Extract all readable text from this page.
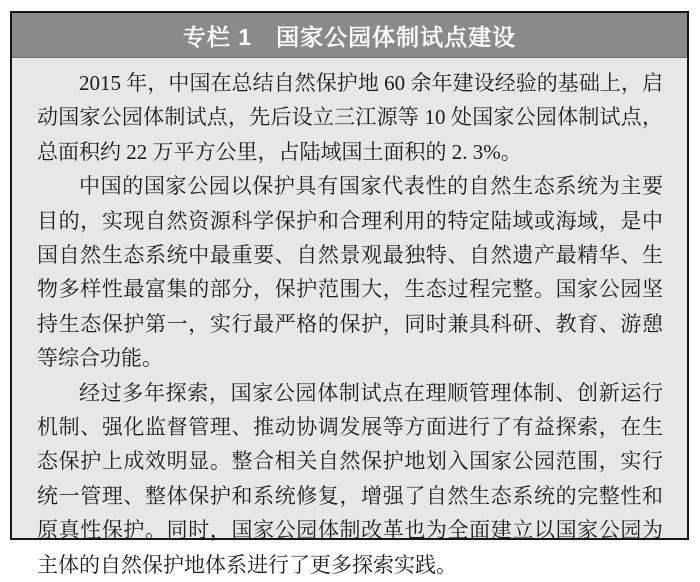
专栏 1　国家公园体制试点建设

2015 年，中国在总结自然保护地 60 余年建设经验的基础上，启动国家公园体制试点，先后设立三江源等 10 处国家公园体制试点，总面积约 22 万平方公里，占陆域国土面积的 2. 3%。

中国的国家公园以保护具有国家代表性的自然生态系统为主要目的，实现自然资源科学保护和合理利用的特定陆域或海域，是中国自然生态系统中最重要、自然景观最独特、自然遗产最精华、生物多样性最富集的部分，保护范围大，生态过程完整。国家公园坚持生态保护第一，实行最严格的保护，同时兼具科研、教育、游憩等综合功能。

经过多年探索，国家公园体制试点在理顺管理体制、创新运行机制、强化监督管理、推动协调发展等方面进行了有益探索，在生态保护上成效明显。整合相关自然保护地划入国家公园范围，实行统一管理、整体保护和系统修复，增强了自然生态系统的完整性和原真性保护。同时，国家公园体制改革也为全面建立以国家公园为主体的自然保护地体系进行了更多探索实践。
